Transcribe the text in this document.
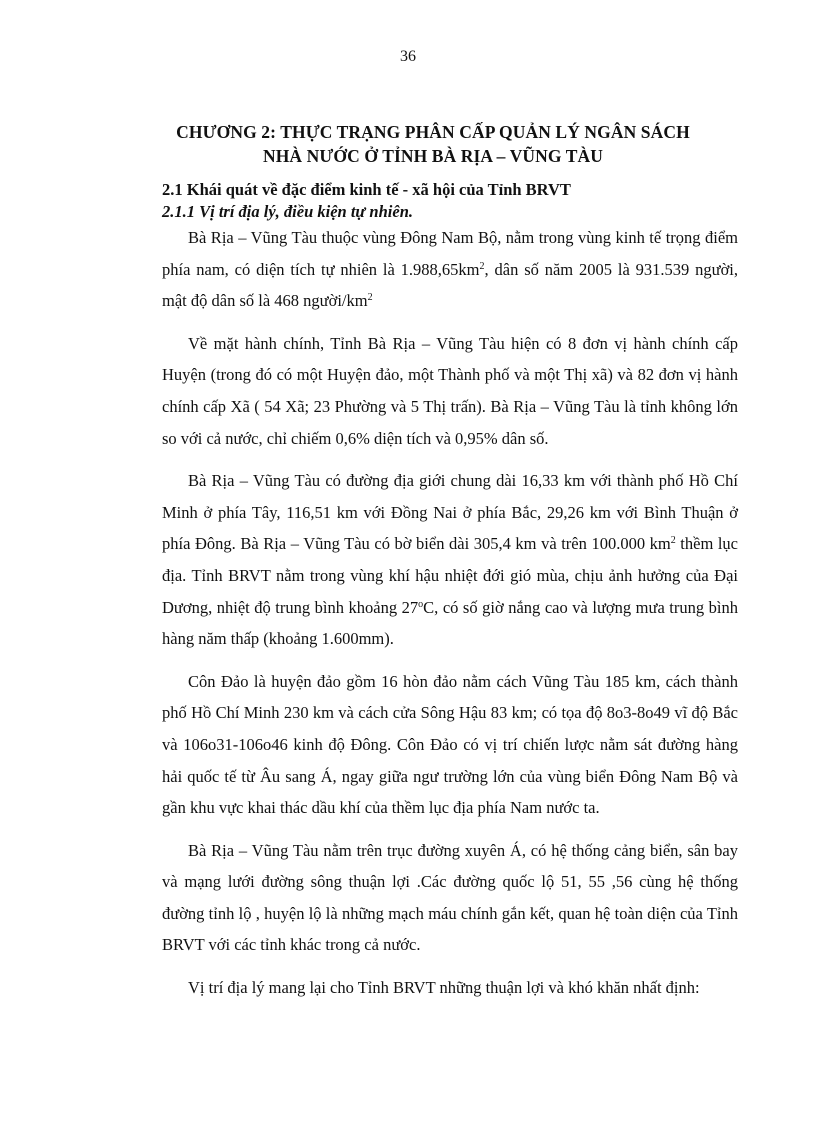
36
CHƯƠNG 2: THỰC TRẠNG PHÂN CẤP QUẢN LÝ NGÂN SÁCH
NHÀ NƯỚC Ở TỈNH BÀ RỊA – VŨNG TÀU
2.1 Khái quát về đặc điểm kinh tế - xã hội của Tỉnh BRVT
2.1.1 Vị trí địa lý, điều kiện tự nhiên.

Bà Rịa – Vũng Tàu thuộc vùng Đông Nam Bộ, nằm trong vùng kinh tế trọng điểm phía nam, có diện tích tự nhiên là $1.988,65km^2$, dân số năm 2005 là 931.539 người, mật độ dân số là 468 người/$km^2$

Về mặt hành chính, Tỉnh Bà Rịa – Vũng Tàu hiện có 8 đơn vị hành chính cấp Huyện (trong đó có một Huyện đảo, một Thành phố và một Thị xã) và 82 đơn vị hành chính cấp Xã ( 54 Xã; 23 Phường và 5 Thị trấn). Bà Rịa – Vũng Tàu là tỉnh không lớn so với cả nước, chỉ chiếm 0,6% diện tích và 0,95% dân số.

Bà Rịa – Vũng Tàu có đường địa giới chung dài 16,33 km với thành phố Hồ Chí Minh ở phía Tây, 116,51 km với Đồng Nai ở phía Bắc, 29,26 km với Bình Thuận ở phía Đông. Bà Rịa – Vũng Tàu có bờ biển dài 305,4 km và trên 100.000 $km^2$ thềm lục địa. Tỉnh BRVT nằm trong vùng khí hậu nhiệt đới gió mùa, chịu ảnh hưởng của Đại Dương, nhiệt độ trung bình khoảng 27$^o$C, có số giờ nắng cao và lượng mưa trung bình hàng năm thấp (khoảng 1.600mm).

Côn Đảo là huyện đảo gồm 16 hòn đảo nằm cách Vũng Tàu 185 km, cách thành phố Hồ Chí Minh 230 km và cách cửa Sông Hậu 83 km; có tọa độ 8o3-8o49 vĩ độ Bắc và 106o31-106o46 kinh độ Đông. Côn Đảo có vị trí chiến lược nằm sát đường hàng hải quốc tế từ Âu sang Á, ngay giữa ngư trường lớn của vùng biển Đông Nam Bộ và gần khu vực khai thác dầu khí của thềm lục địa phía Nam nước ta.

Bà Rịa – Vũng Tàu nằm trên trục đường xuyên Á, có hệ thống cảng biển, sân bay và mạng lưới đường sông thuận lợi .Các đường quốc lộ 51, 55 ,56 cùng hệ thống đường tỉnh lộ , huyện lộ là những mạch máu chính gắn kết, quan hệ toàn diện của Tỉnh BRVT với các tỉnh khác trong cả nước.

Vị trí địa lý mang lại cho Tỉnh BRVT những thuận lợi và khó khăn nhất định:
